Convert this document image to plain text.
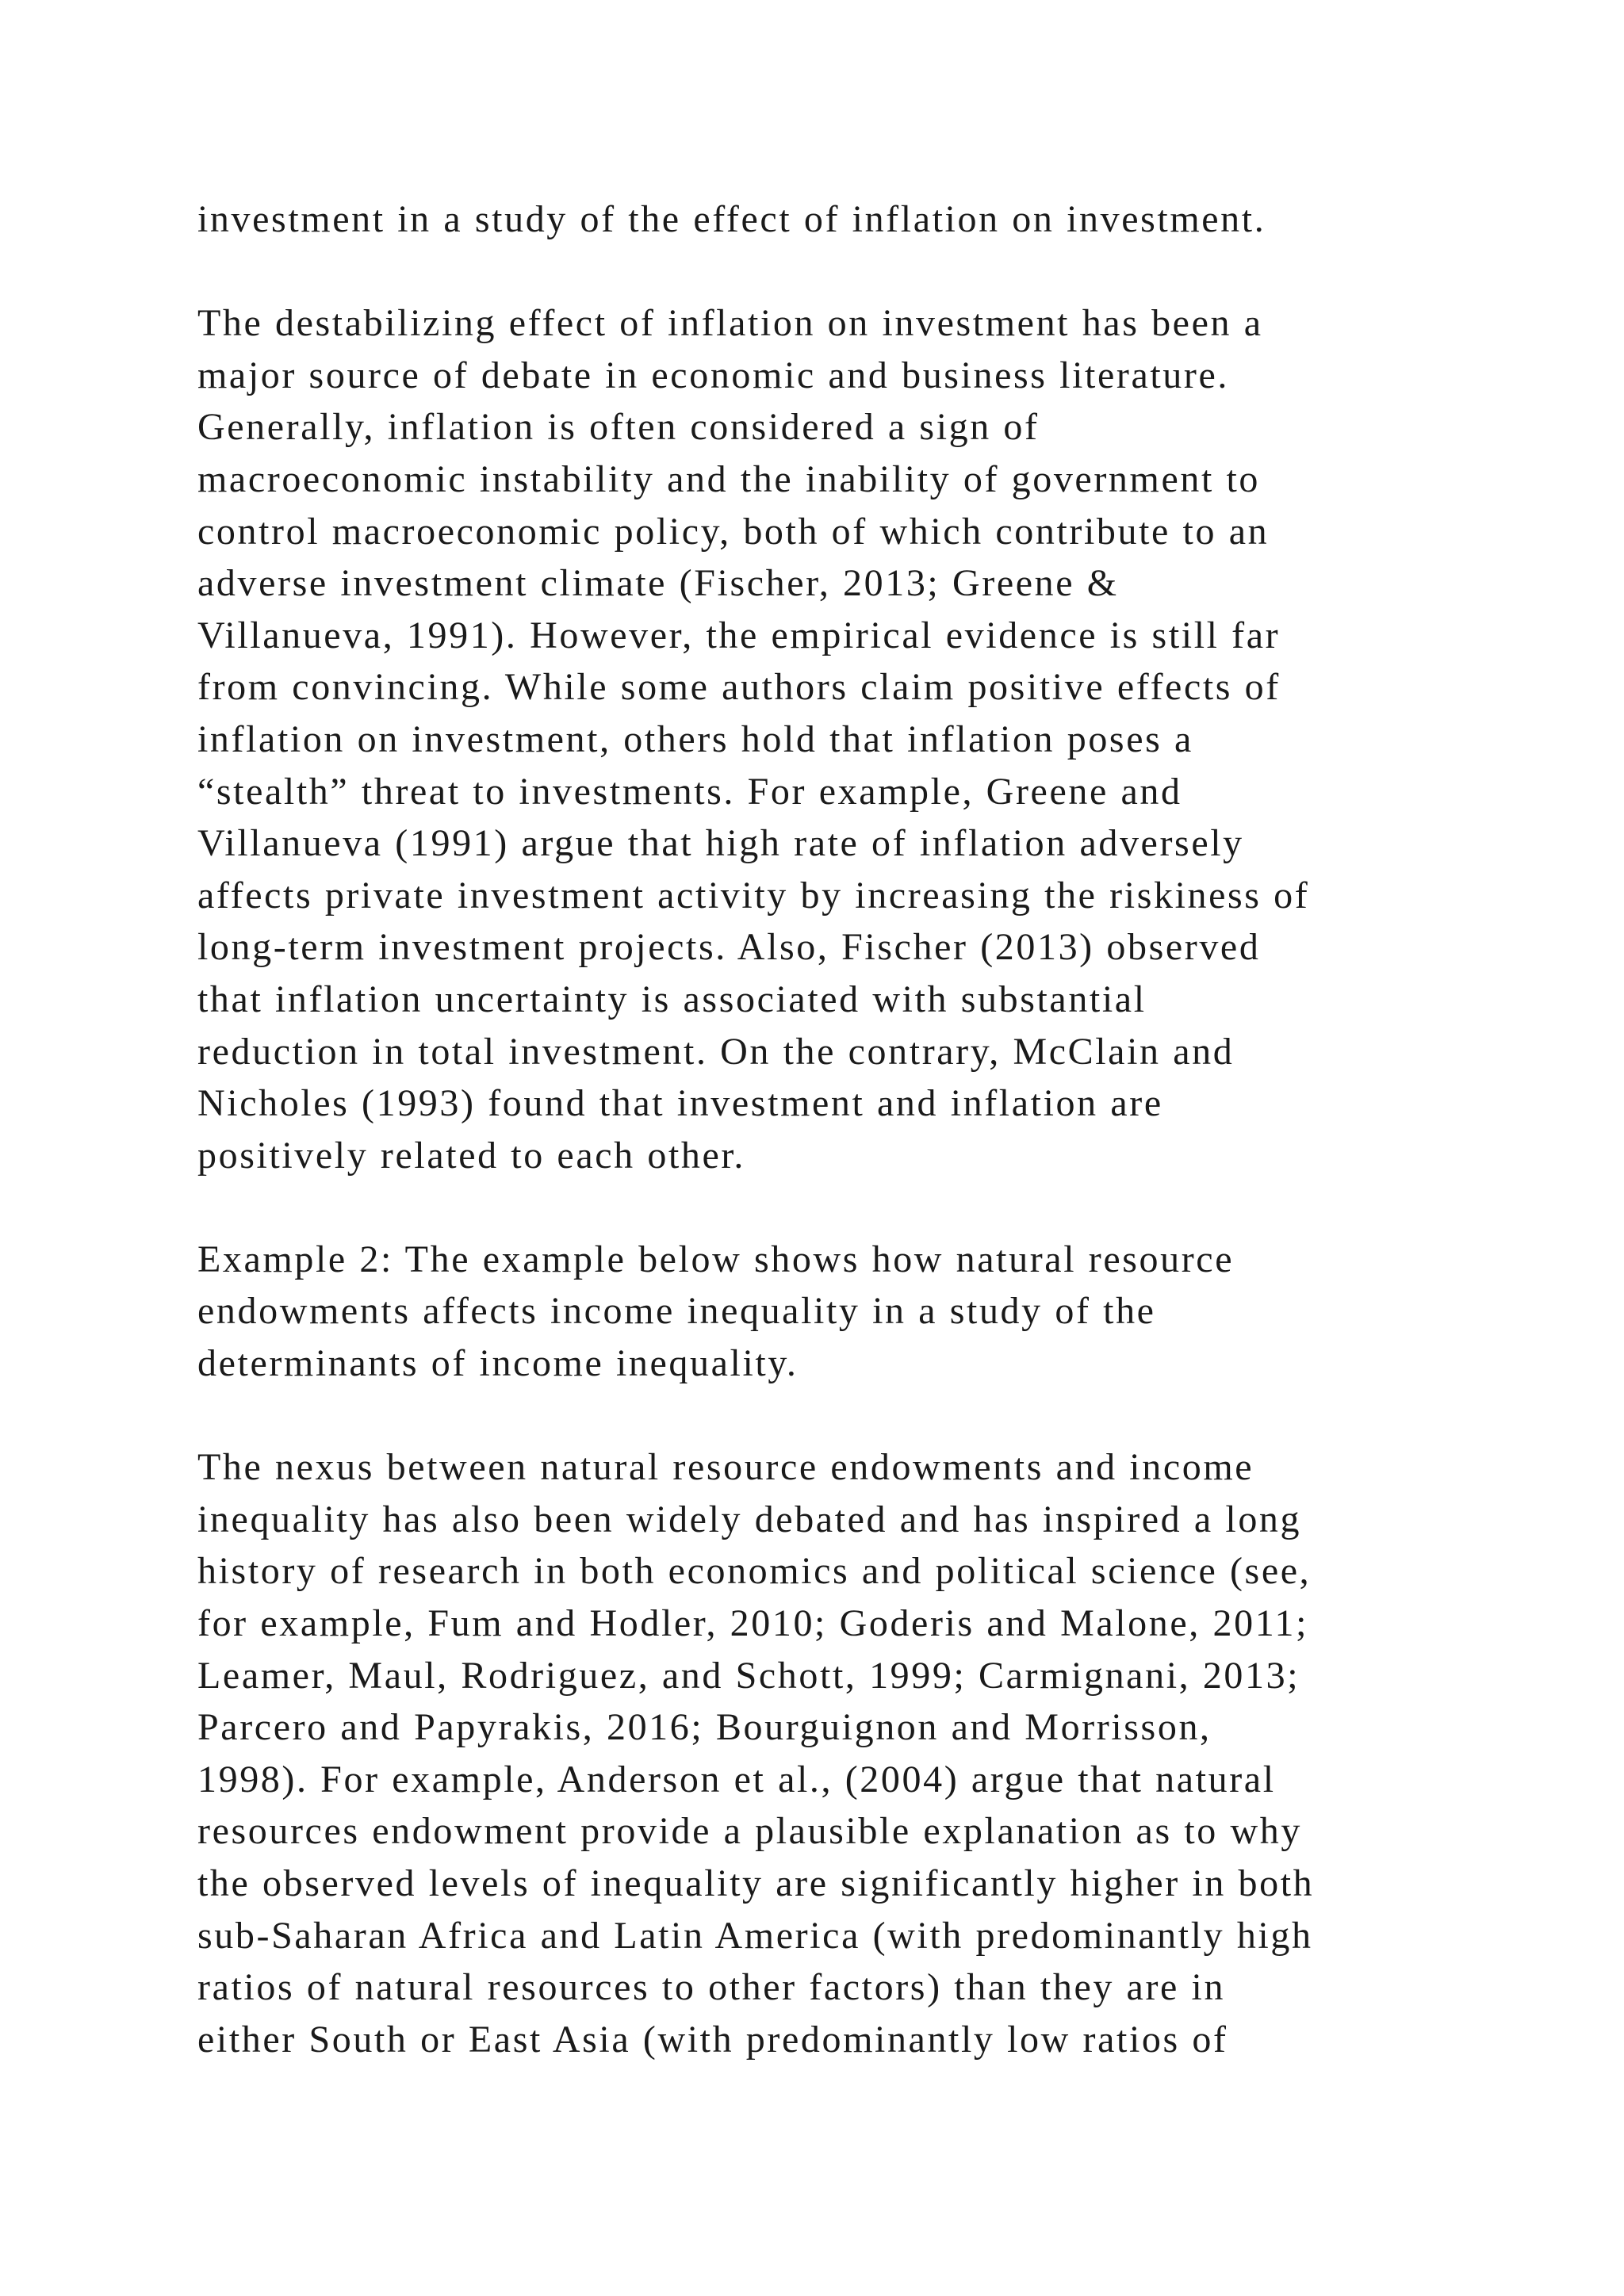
investment in a study of the effect of inflation on investment.
The destabilizing effect of inflation on investment has been a
major source of debate in economic and business literature.
Generally, inflation is often considered a sign of
macroeconomic instability and the inability of government to
control macroeconomic policy, both of which contribute to an
adverse investment climate (Fischer, 2013; Greene &
Villanueva, 1991). However, the empirical evidence is still far
from convincing. While some authors claim positive effects of
inflation on investment, others hold that inflation poses a
“stealth” threat to investments. For example, Greene and
Villanueva (1991) argue that high rate of inflation adversely
affects private investment activity by increasing the riskiness of
long-term investment projects. Also, Fischer (2013) observed
that inflation uncertainty is associated with substantial
reduction in total investment. On the contrary, McClain and
Nicholes (1993) found that investment and inflation are
positively related to each other.
Example 2: The example below shows how natural resource
endowments affects income inequality in a study of the
determinants of income inequality.
The nexus between natural resource endowments and income
inequality has also been widely debated and has inspired a long
history of research in both economics and political science (see,
for example, Fum and Hodler, 2010; Goderis and Malone, 2011;
Leamer, Maul, Rodriguez, and Schott, 1999; Carmignani, 2013;
Parcero and Papyrakis, 2016; Bourguignon and Morrisson,
1998). For example, Anderson et al., (2004) argue that natural
resources endowment provide a plausible explanation as to why
the observed levels of inequality are significantly higher in both
sub-Saharan Africa and Latin America (with predominantly high
ratios of natural resources to other factors) than they are in
either South or East Asia (with predominantly low ratios of
